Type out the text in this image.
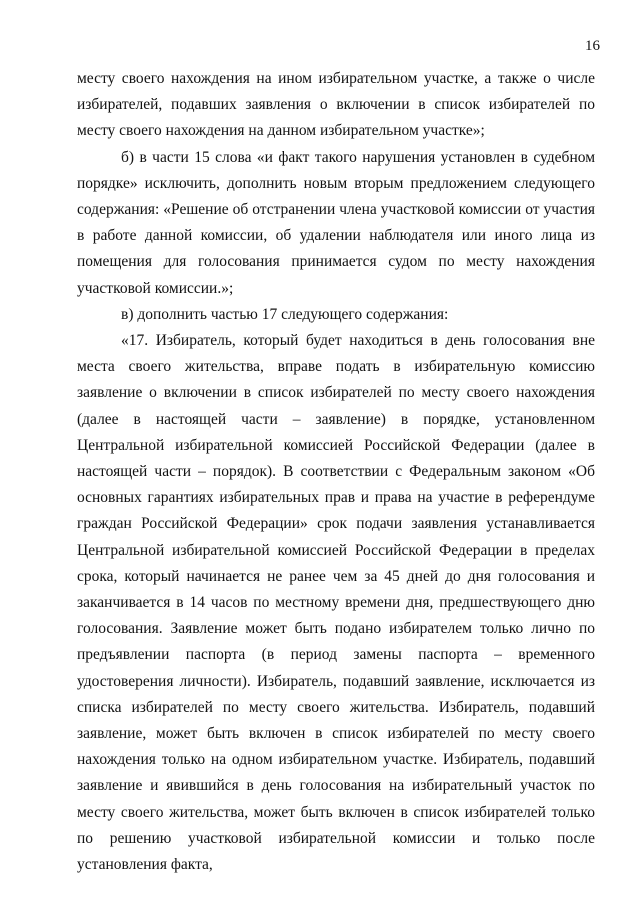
16

месту своего нахождения на ином избирательном участке, а также о числе избирателей, подавших заявления о включении в список избирателей по месту своего нахождения на данном избирательном участке»;

б) в части 15 слова «и факт такого нарушения установлен в судебном порядке» исключить, дополнить новым вторым предложением следующего содержания: «Решение об отстранении члена участковой комиссии от участия в работе данной комиссии, об удалении наблюдателя или иного лица из помещения для голосования принимается судом по месту нахождения участковой комиссии.»;

в) дополнить частью 17 следующего содержания:

«17. Избиратель, который будет находиться в день голосования вне места своего жительства, вправе подать в избирательную комиссию заявление о включении в список избирателей по месту своего нахождения (далее в настоящей части – заявление) в порядке, установленном Центральной избирательной комиссией Российской Федерации (далее в настоящей части – порядок). В соответствии с Федеральным законом «Об основных гарантиях избирательных прав и права на участие в референдуме граждан Российской Федерации» срок подачи заявления устанавливается Центральной избирательной комиссией Российской Федерации в пределах срока, который начинается не ранее чем за 45 дней до дня голосования и заканчивается в 14 часов по местному времени дня, предшествующего дню голосования. Заявление может быть подано избирателем только лично по предъявлении паспорта (в период замены паспорта – временного удостоверения личности). Избиратель, подавший заявление, исключается из списка избирателей по месту своего жительства. Избиратель, подавший заявление, может быть включен в список избирателей по месту своего нахождения только на одном избирательном участке. Избиратель, подавший заявление и явившийся в день голосования на избирательный участок по месту своего жительства, может быть включен в список избирателей только по решению участковой избирательной комиссии и только после установления факта,
